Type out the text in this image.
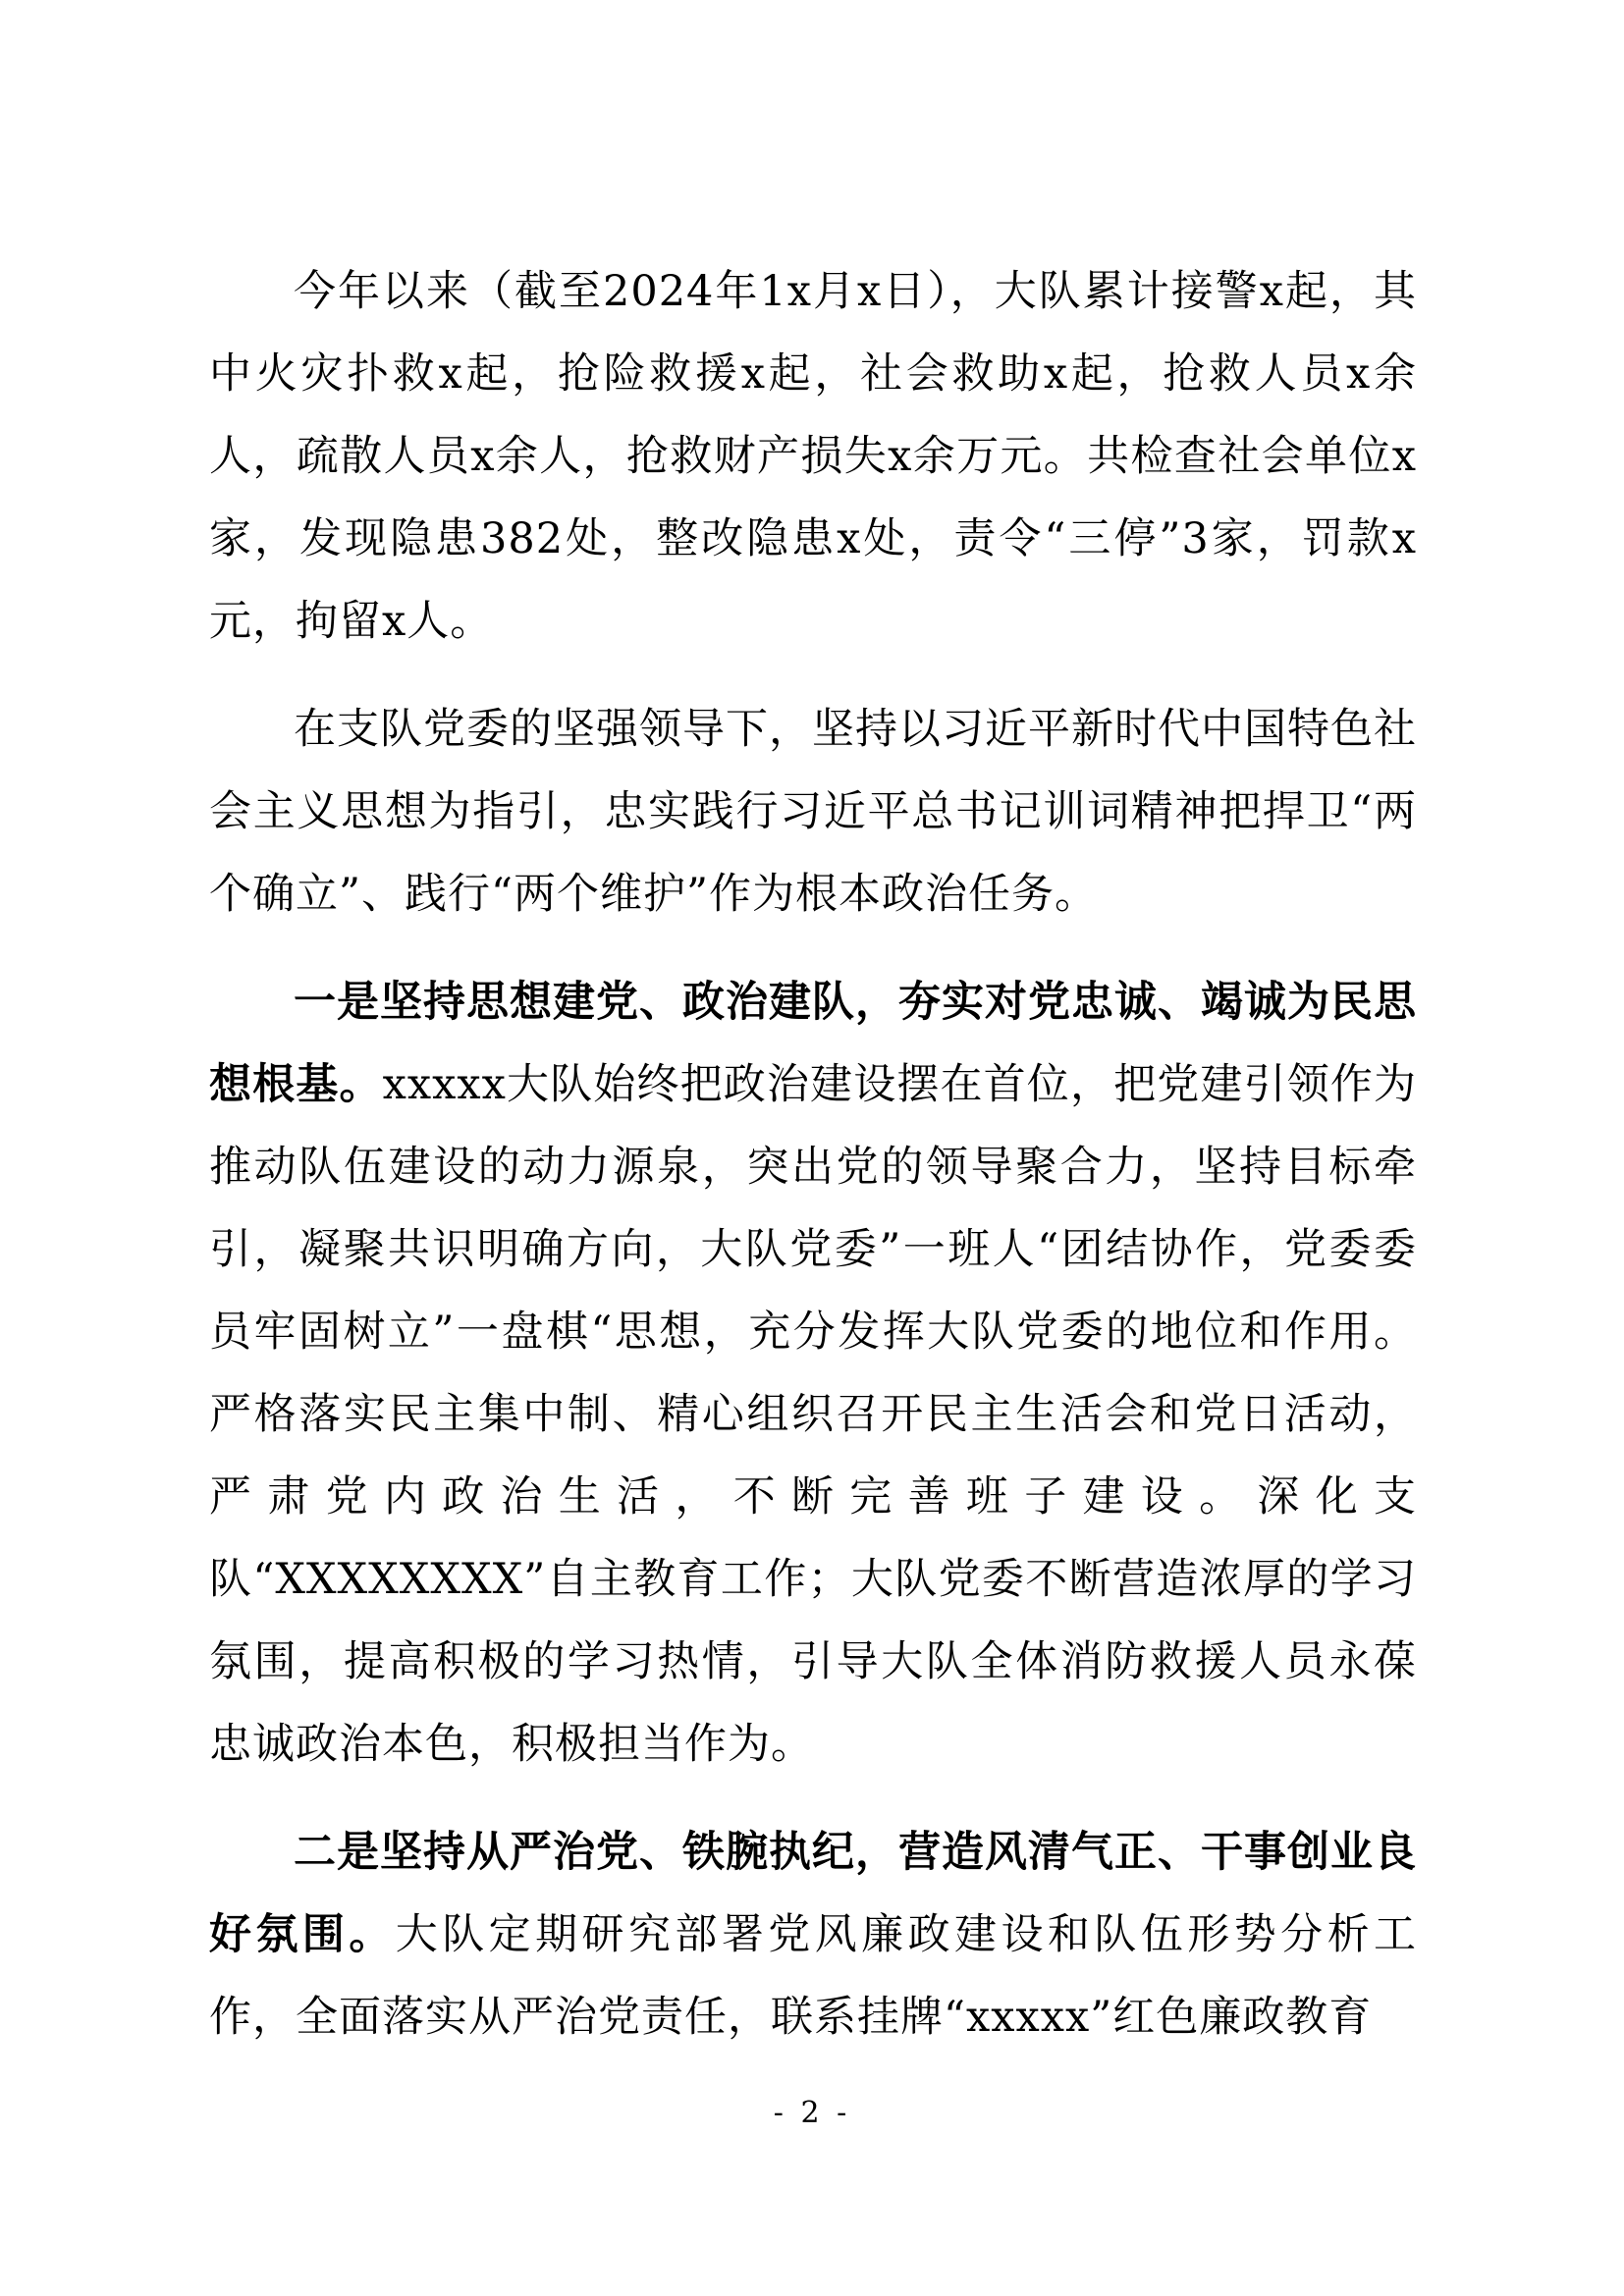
今年以来（截至2024年1x月x日），大队累计接警x起，其中火灾扑救x起，抢险救援x起，社会救助x起，抢救人员x余人，疏散人员x余人，抢救财产损失x余万元。共检查社会单位x家，发现隐患382处，整改隐患x处，责令“三停”3家，罚款x元，拘留x人。

在支队党委的坚强领导下，坚持以习近平新时代中国特色社会主义思想为指引，忠实践行习近平总书记训词精神把捍卫“两个确立”、践行“两个维护”作为根本政治任务。

一是坚持思想建党、政治建队，夯实对党忠诚、竭诚为民思想根基。xxxxx大队始终把政治建设摆在首位，把党建引领作为推动队伍建设的动力源泉，突出党的领导聚合力，坚持目标牵引，凝聚共识明确方向，大队党委”一班人“团结协作，党委委员牢固树立”一盘棋“思想，充分发挥大队党委的地位和作用。严格落实民主集中制、精心组织召开民主生活会和党日活动，严肃党内政治生活，不断完善班子建设。深化支队“XXXXXXXX”自主教育工作；大队党委不断营造浓厚的学习氛围，提高积极的学习热情，引导大队全体消防救援人员永葆忠诚政治本色，积极担当作为。

二是坚持从严治党、铁腕执纪，营造风清气正、干事创业良好氛围。大队定期研究部署党风廉政建设和队伍形势分析工作，全面落实从严治党责任，联系挂牌“xxxxx”红色廉政教育

- 2 -
